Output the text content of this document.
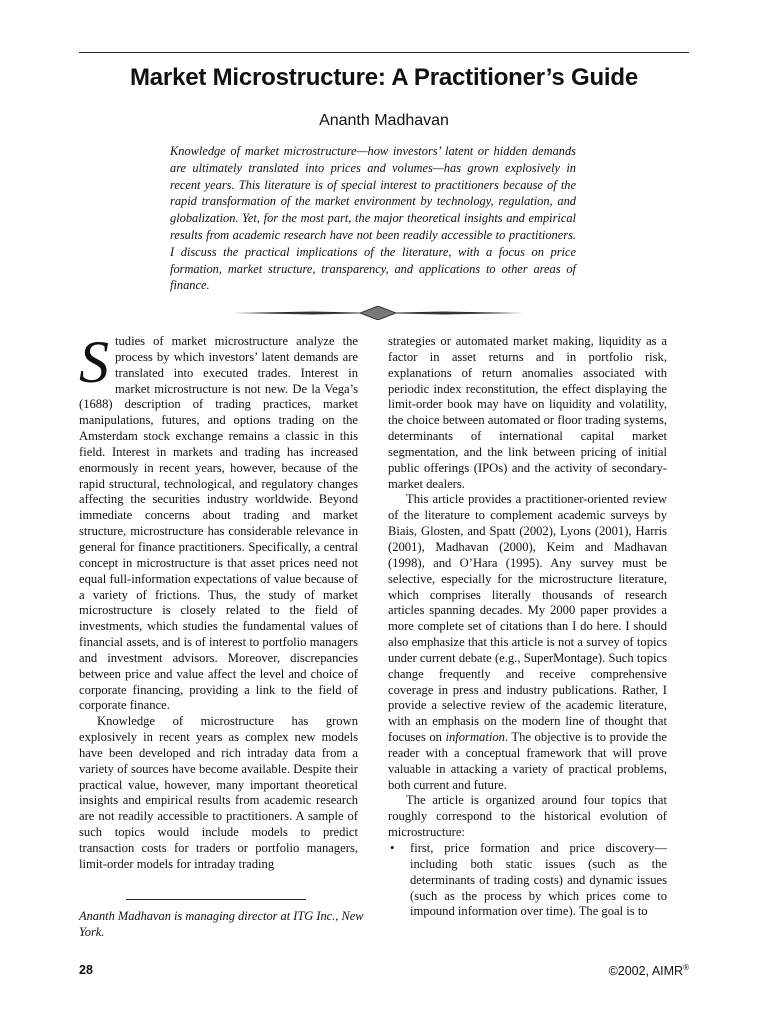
Market Microstructure: A Practitioner’s Guide
Ananth Madhavan

Knowledge of market microstructure—how investors’ latent or hidden demands are ultimately translated into prices and volumes—has grown explosively in recent years. This literature is of special interest to practitioners because of the rapid transformation of the market environment by technology, regulation, and globalization. Yet, for the most part, the major theoretical insights and empirical results from academic research have not been readily accessible to practitioners. I discuss the practical implications of the literature, with a focus on price formation, market structure, transparency, and applications to other areas of finance.

Studies of market microstructure analyze the process by which investors’ latent demands are translated into executed trades. Interest in market microstructure is not new. De la Vega’s (1688) description of trading practices, market manipulations, futures, and options trading on the Amsterdam stock exchange remains a classic in this field. Interest in markets and trading has increased enormously in recent years, however, because of the rapid structural, technological, and regulatory changes affecting the securities industry worldwide. Beyond immediate concerns about trading and market structure, microstructure has considerable relevance in general for finance practitioners. Specifically, a central concept in microstructure is that asset prices need not equal full-information expectations of value because of a variety of frictions. Thus, the study of market microstructure is closely related to the field of investments, which studies the fundamental values of financial assets, and is of interest to portfolio managers and investment advisors. Moreover, discrepancies between price and value affect the level and choice of corporate financing, providing a link to the field of corporate finance.

Knowledge of microstructure has grown explosively in recent years as complex new models have been developed and rich intraday data from a variety of sources have become available. Despite their practical value, however, many important theoretical insights and empirical results from academic research are not readily accessible to practitioners. A sample of such topics would include models to predict transaction costs for traders or portfolio managers, limit-order models for intraday trading

strategies or automated market making, liquidity as a factor in asset returns and in portfolio risk, explanations of return anomalies associated with periodic index reconstitution, the effect displaying the limit-order book may have on liquidity and volatility, the choice between automated or floor trading systems, determinants of international capital market segmentation, and the link between pricing of initial public offerings (IPOs) and the activity of secondary-market dealers.

This article provides a practitioner-oriented review of the literature to complement academic surveys by Biais, Glosten, and Spatt (2002), Lyons (2001), Harris (2001), Madhavan (2000), Keim and Madhavan (1998), and O’Hara (1995). Any survey must be selective, especially for the microstructure literature, which comprises literally thousands of research articles spanning decades. My 2000 paper provides a more complete set of citations than I do here. I should also emphasize that this article is not a survey of topics under current debate (e.g., SuperMontage). Such topics change frequently and receive comprehensive coverage in press and industry publications. Rather, I provide a selective review of the academic literature, with an emphasis on the modern line of thought that focuses on information. The objective is to provide the reader with a conceptual framework that will prove valuable in attacking a variety of practical problems, both current and future.

The article is organized around four topics that roughly correspond to the historical evolution of microstructure:

• first, price formation and price discovery—including both static issues (such as the determinants of trading costs) and dynamic issues (such as the process by which prices come to impound information over time). The goal is to

Ananth Madhavan is managing director at ITG Inc., New York.

28	©2002, AIMR®
